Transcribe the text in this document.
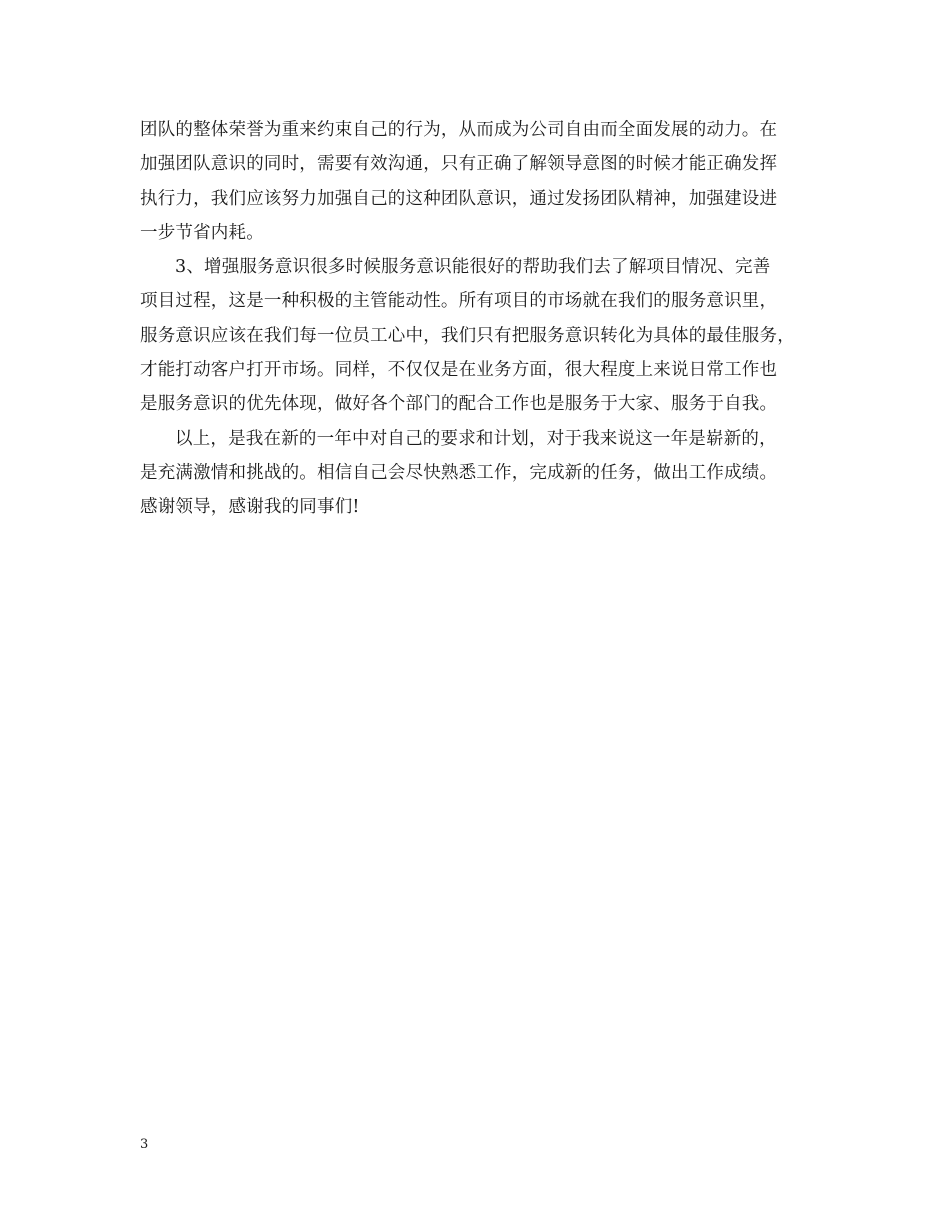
团队的整体荣誉为重来约束自己的行为，从而成为公司自由而全面发展的动力。在
加强团队意识的同时，需要有效沟通，只有正确了解领导意图的时候才能正确发挥
执行力，我们应该努力加强自己的这种团队意识，通过发扬团队精神，加强建设进
一步节省内耗。
3、增强服务意识很多时候服务意识能很好的帮助我们去了解项目情况、完善
项目过程，这是一种积极的主管能动性。所有项目的市场就在我们的服务意识里，
服务意识应该在我们每一位员工心中，我们只有把服务意识转化为具体的最佳服务，
才能打动客户打开市场。同样，不仅仅是在业务方面，很大程度上来说日常工作也
是服务意识的优先体现，做好各个部门的配合工作也是服务于大家、服务于自我。
以上，是我在新的一年中对自己的要求和计划，对于我来说这一年是崭新的，
是充满激情和挑战的。相信自己会尽快熟悉工作，完成新的任务，做出工作成绩。
感谢领导，感谢我的同事们!
3
